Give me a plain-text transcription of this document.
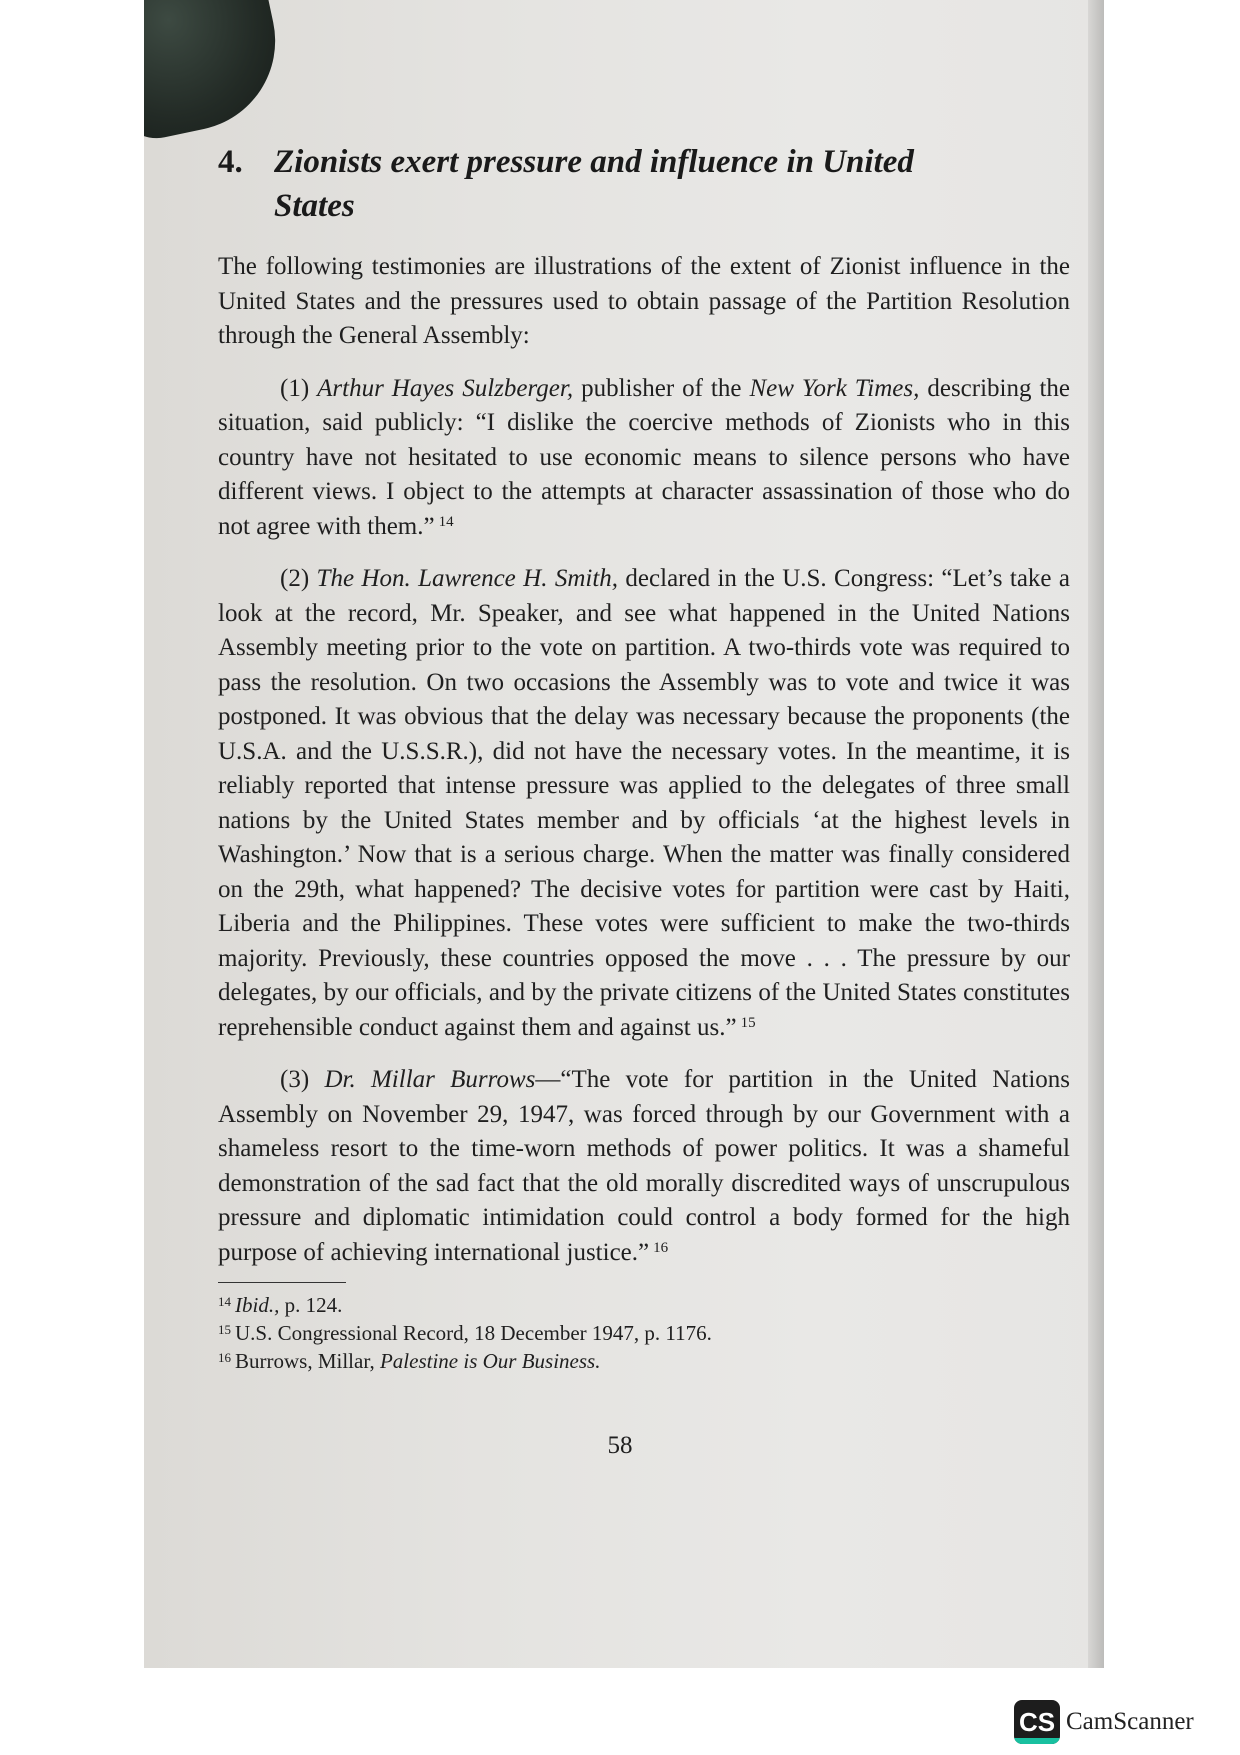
4. Zionists exert pressure and influence in United States

The following testimonies are illustrations of the extent of Zionist influence in the United States and the pressures used to obtain passage of the Partition Resolution through the General Assembly:

(1) Arthur Hayes Sulzberger, publisher of the New York Times, describing the situation, said publicly: “I dislike the coercive methods of Zionists who in this country have not hesitated to use economic means to silence persons who have different views. I object to the attempts at character assassination of those who do not agree with them.” $^{14}$

(2) The Hon. Lawrence H. Smith, declared in the U.S. Congress: “Let’s take a look at the record, Mr. Speaker, and see what happened in the United Nations Assembly meeting prior to the vote on partition. A two-thirds vote was required to pass the resolution. On two occasions the Assembly was to vote and twice it was postponed. It was obvious that the delay was necessary because the proponents (the U.S.A. and the U.S.S.R.), did not have the necessary votes. In the meantime, it is reliably reported that intense pressure was applied to the delegates of three small nations by the United States member and by officials ‘at the highest levels in Washington.’ Now that is a serious charge. When the matter was finally considered on the 29th, what happened? The decisive votes for partition were cast by Haiti, Liberia and the Philippines. These votes were sufficient to make the two-thirds majority. Previously, these countries opposed the move . . . The pressure by our delegates, by our officials, and by the private citizens of the United States constitutes reprehensible conduct against them and against us.” $^{15}$

(3) Dr. Millar Burrows—“The vote for partition in the United Nations Assembly on November 29, 1947, was forced through by our Government with a shameless resort to the time-worn methods of power politics. It was a shameful demonstration of the sad fact that the old morally discredited ways of unscrupulous pressure and diplomatic intimidation could control a body formed for the high purpose of achieving international justice.” $^{16}$

$^{14}$ Ibid., p. 124.

$^{15}$ U.S. Congressional Record, 18 December 1947, p. 1176.

$^{16}$ Burrows, Millar, Palestine is Our Business.

58
CS CamScanner
